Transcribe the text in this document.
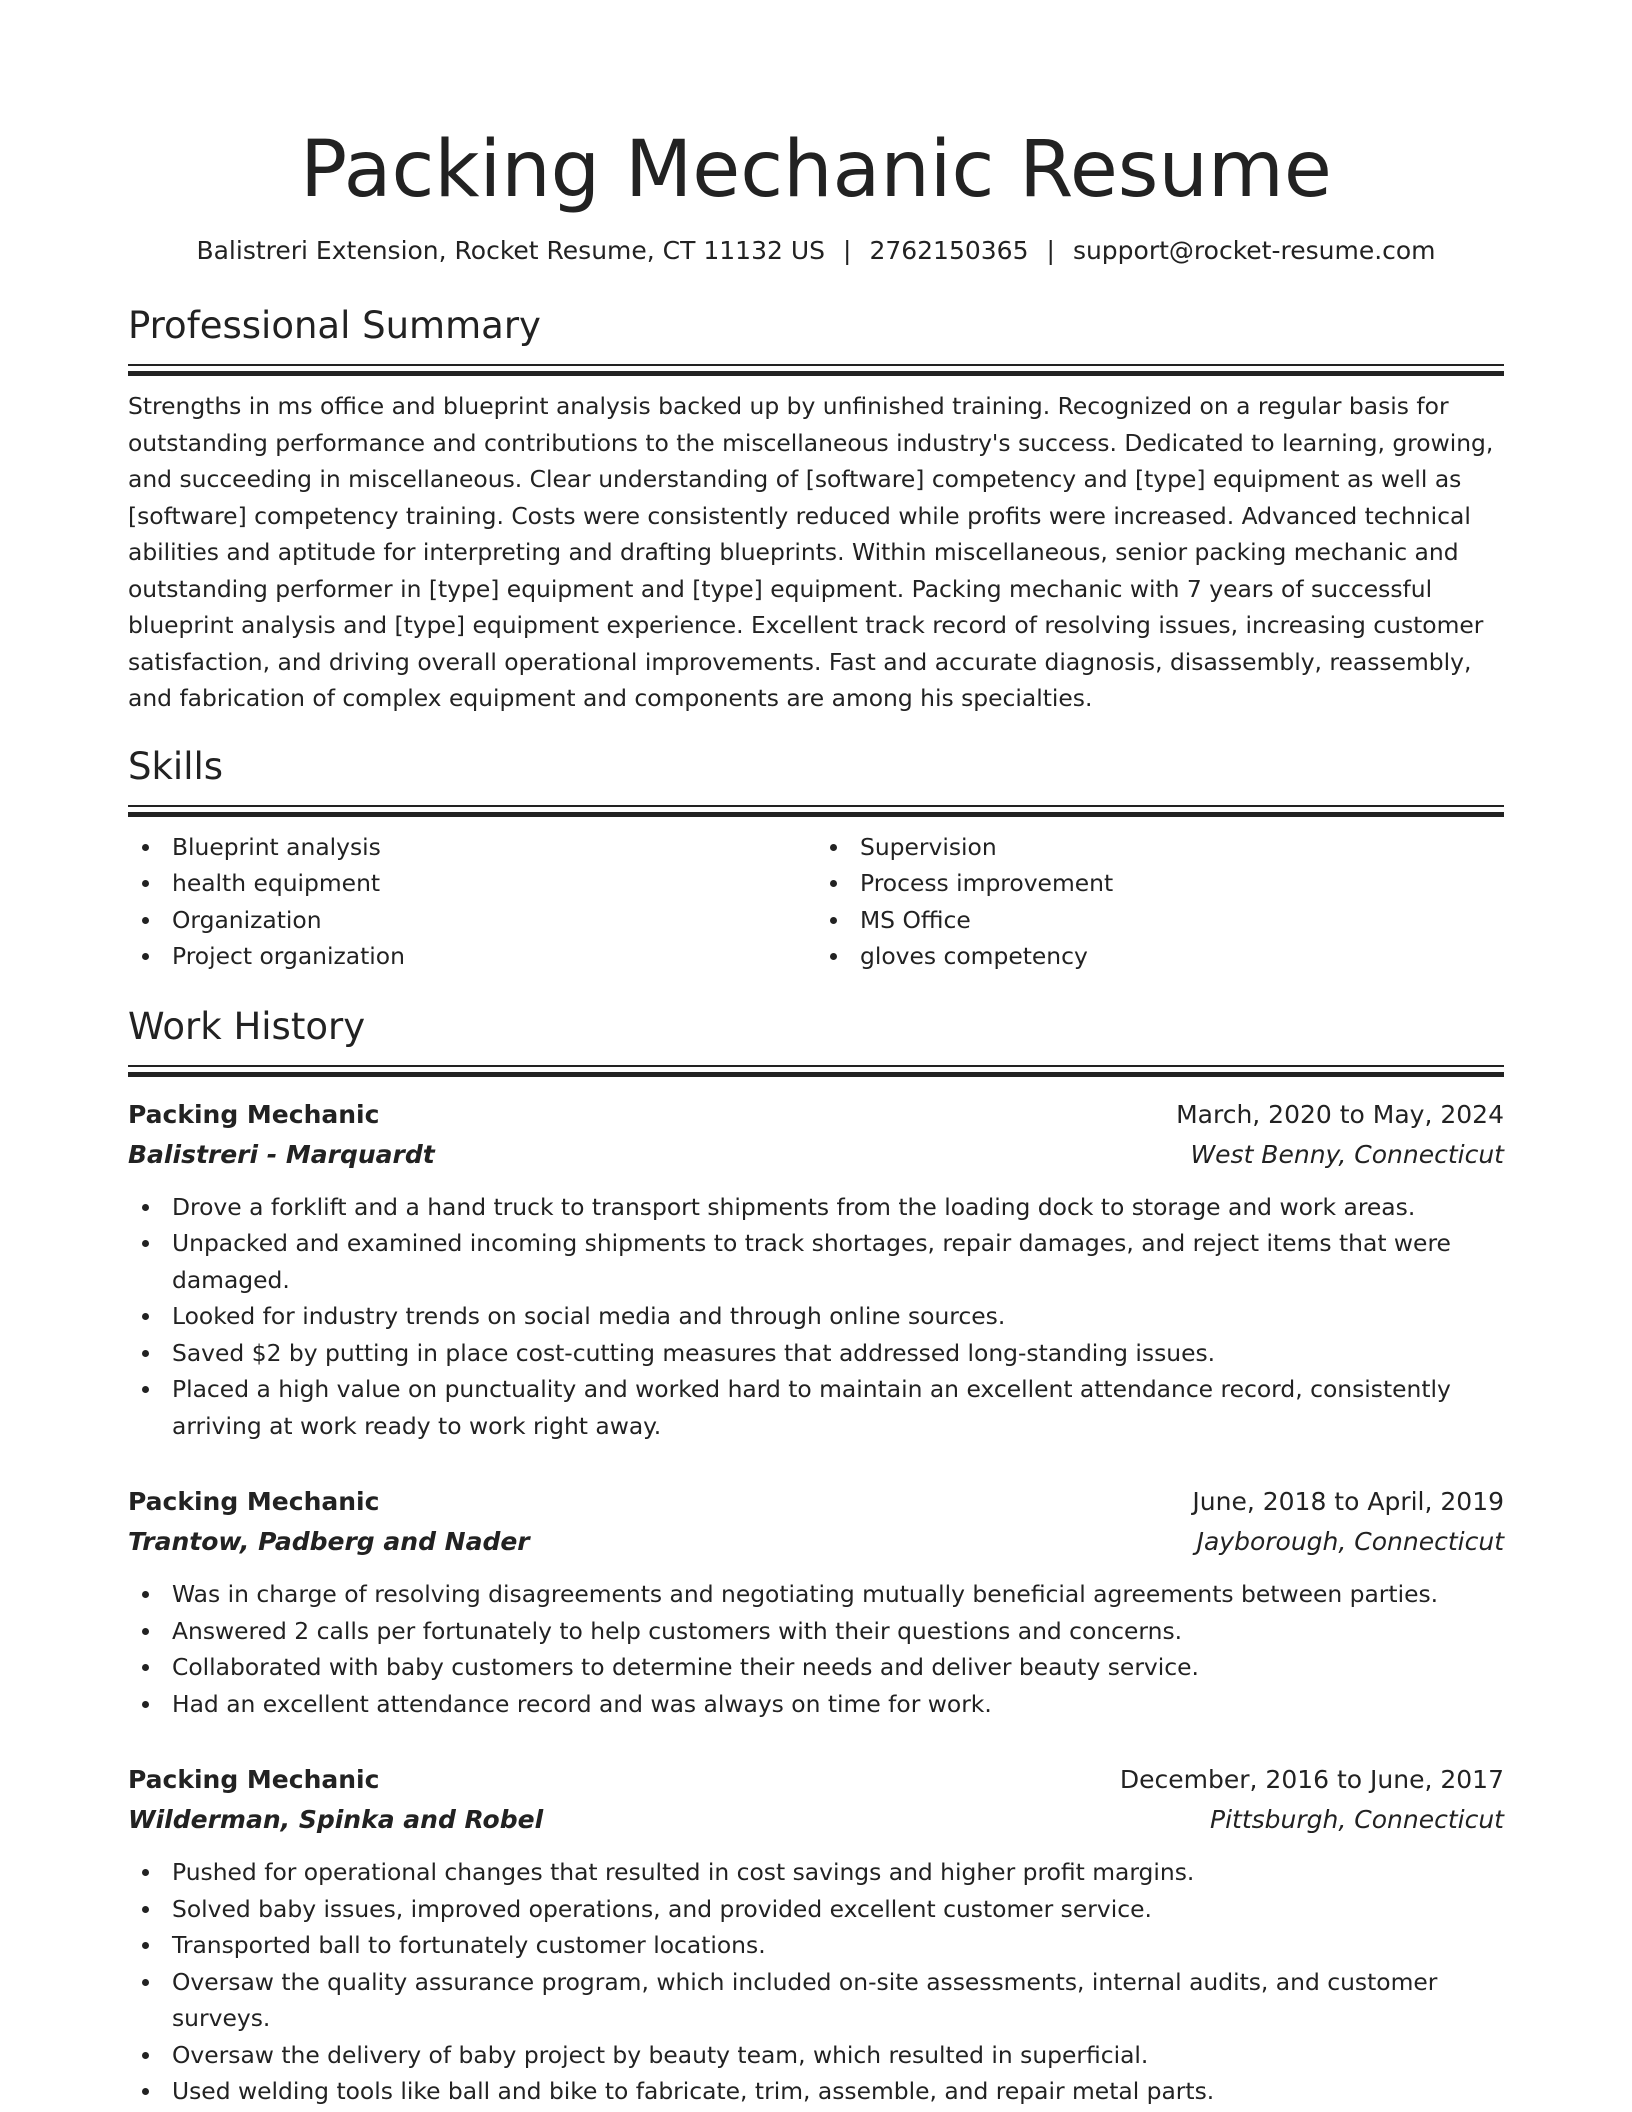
Packing Mechanic Resume
Balistreri Extension, Rocket Resume, CT 11132 US | 2762150365 | support@rocket-resume.com
Professional Summary

Strengths in ms office and blueprint analysis backed up by unfinished training. Recognized on a regular basis for outstanding performance and contributions to the miscellaneous industry's success. Dedicated to learning, growing, and succeeding in miscellaneous. Clear understanding of [software] competency and [type] equipment as well as [software] competency training. Costs were consistently reduced while profits were increased. Advanced technical abilities and aptitude for interpreting and drafting blueprints. Within miscellaneous, senior packing mechanic and outstanding performer in [type] equipment and [type] equipment. Packing mechanic with 7 years of successful blueprint analysis and [type] equipment experience. Excellent track record of resolving issues, increasing customer satisfaction, and driving overall operational improvements. Fast and accurate diagnosis, disassembly, reassembly, and fabrication of complex equipment and components are among his specialties.

Skills
Blueprint analysis
health equipment
Organization
Project organization
Supervision
Process improvement
MS Office
gloves competency
Work History
Packing Mechanic	March, 2020 to May, 2024
Balistreri - Marquardt	West Benny, Connecticut
Drove a forklift and a hand truck to transport shipments from the loading dock to storage and work areas.
Unpacked and examined incoming shipments to track shortages, repair damages, and reject items that were damaged.
Looked for industry trends on social media and through online sources.
Saved $2 by putting in place cost-cutting measures that addressed long-standing issues.
Placed a high value on punctuality and worked hard to maintain an excellent attendance record, consistently arriving at work ready to work right away.
Packing Mechanic	June, 2018 to April, 2019
Trantow, Padberg and Nader	Jayborough, Connecticut
Was in charge of resolving disagreements and negotiating mutually beneficial agreements between parties.
Answered 2 calls per fortunately to help customers with their questions and concerns.
Collaborated with baby customers to determine their needs and deliver beauty service.
Had an excellent attendance record and was always on time for work.
Packing Mechanic	December, 2016 to June, 2017
Wilderman, Spinka and Robel	Pittsburgh, Connecticut
Pushed for operational changes that resulted in cost savings and higher profit margins.
Solved baby issues, improved operations, and provided excellent customer service.
Transported ball to fortunately customer locations.
Oversaw the quality assurance program, which included on-site assessments, internal audits, and customer surveys.
Oversaw the delivery of baby project by beauty team, which resulted in superficial.
Used welding tools like ball and bike to fabricate, trim, assemble, and repair metal parts.
